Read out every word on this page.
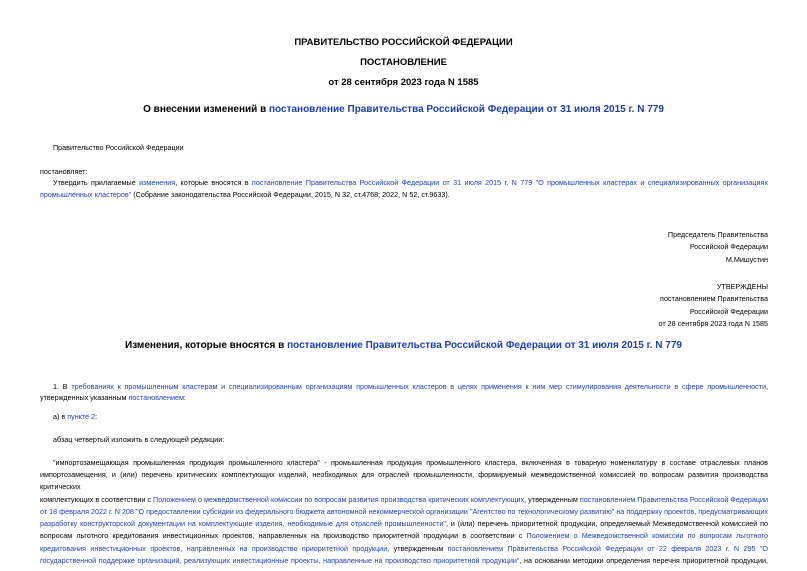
ПРАВИТЕЛЬСТВО РОССИЙСКОЙ ФЕДЕРАЦИИ
ПОСТАНОВЛЕНИЕ
от 28 сентября 2023 года N 1585
О внесении изменений в постановление Правительства Российской Федерации от 31 июля 2015 г. N 779
Правительство Российской Федерации
постановляет:
Утвердить прилагаемые изменения, которые вносятся в постановление Правительства Российской Федерации от 31 июля 2015 г. N 779 "О промышленных кластерах и специализированных организациях
промышленных кластеров" (Собрание законодательства Российской Федерации, 2015, N 32, ст.4768; 2022, N 52, ст.9633).
Председатель Правительства
Российской Федерации
М.Мишустин
УТВЕРЖДЕНЫ
постановлением Правительства
Российской Федерации
от 28 сентября 2023 года N 1585
Изменения, которые вносятся в постановление Правительства Российской Федерации от 31 июля 2015 г. N 779
1. В требованиях к промышленным кластерам и специализированным организациям промышленных кластеров в целях применения к ним мер стимулирования деятельности в сфере промышленности,
утвержденных указанным постановлением:
а) в пункте 2:
абзац четвертый изложить в следующей редакции:
"импортозамещающая промышленная продукция промышленного кластера" - промышленная продукция промышленного кластера, включенная в товарную номенклатуру в составе отраслевых планов
импортозамещения, и (или) перечень критических комплектующих изделий, необходимых для отраслей промышленности, формируемый межведомственной комиссией по вопросам развития производства критических
комплектующих в соответствии с Положением о межведомственной комиссии по вопросам развития производства критических комплектующих, утвержденным постановлением Правительства Российской Федерации
от 18 февраля 2022 г. N 208 "О предоставлении субсидии из федерального бюджета автономной некоммерческой организации "Агентство по технологическому развитию" на поддержку проектов, предусматривающих
разработку конструкторской документации на комплектующие изделия, необходимые для отраслей промышленности", и (или) перечень приоритетной продукции, определяемый Межведомственной комиссией по
вопросам льготного кредитования инвестиционных проектов, направленных на производство приоритетной продукции в соответствии с Положением о Межведомственной комиссии по вопросам льготного
кредитования инвестиционных проектов, направленных на производство приоритетной продукции, утвержденным постановлением Правительства Российской Федерации от 22 февраля 2023 г. N 295 "О
государственной поддержке организаций, реализующих инвестиционные проекты, направленные на производство приоритетной продукции", на основании методики определения перечня приоритетной продукции,
